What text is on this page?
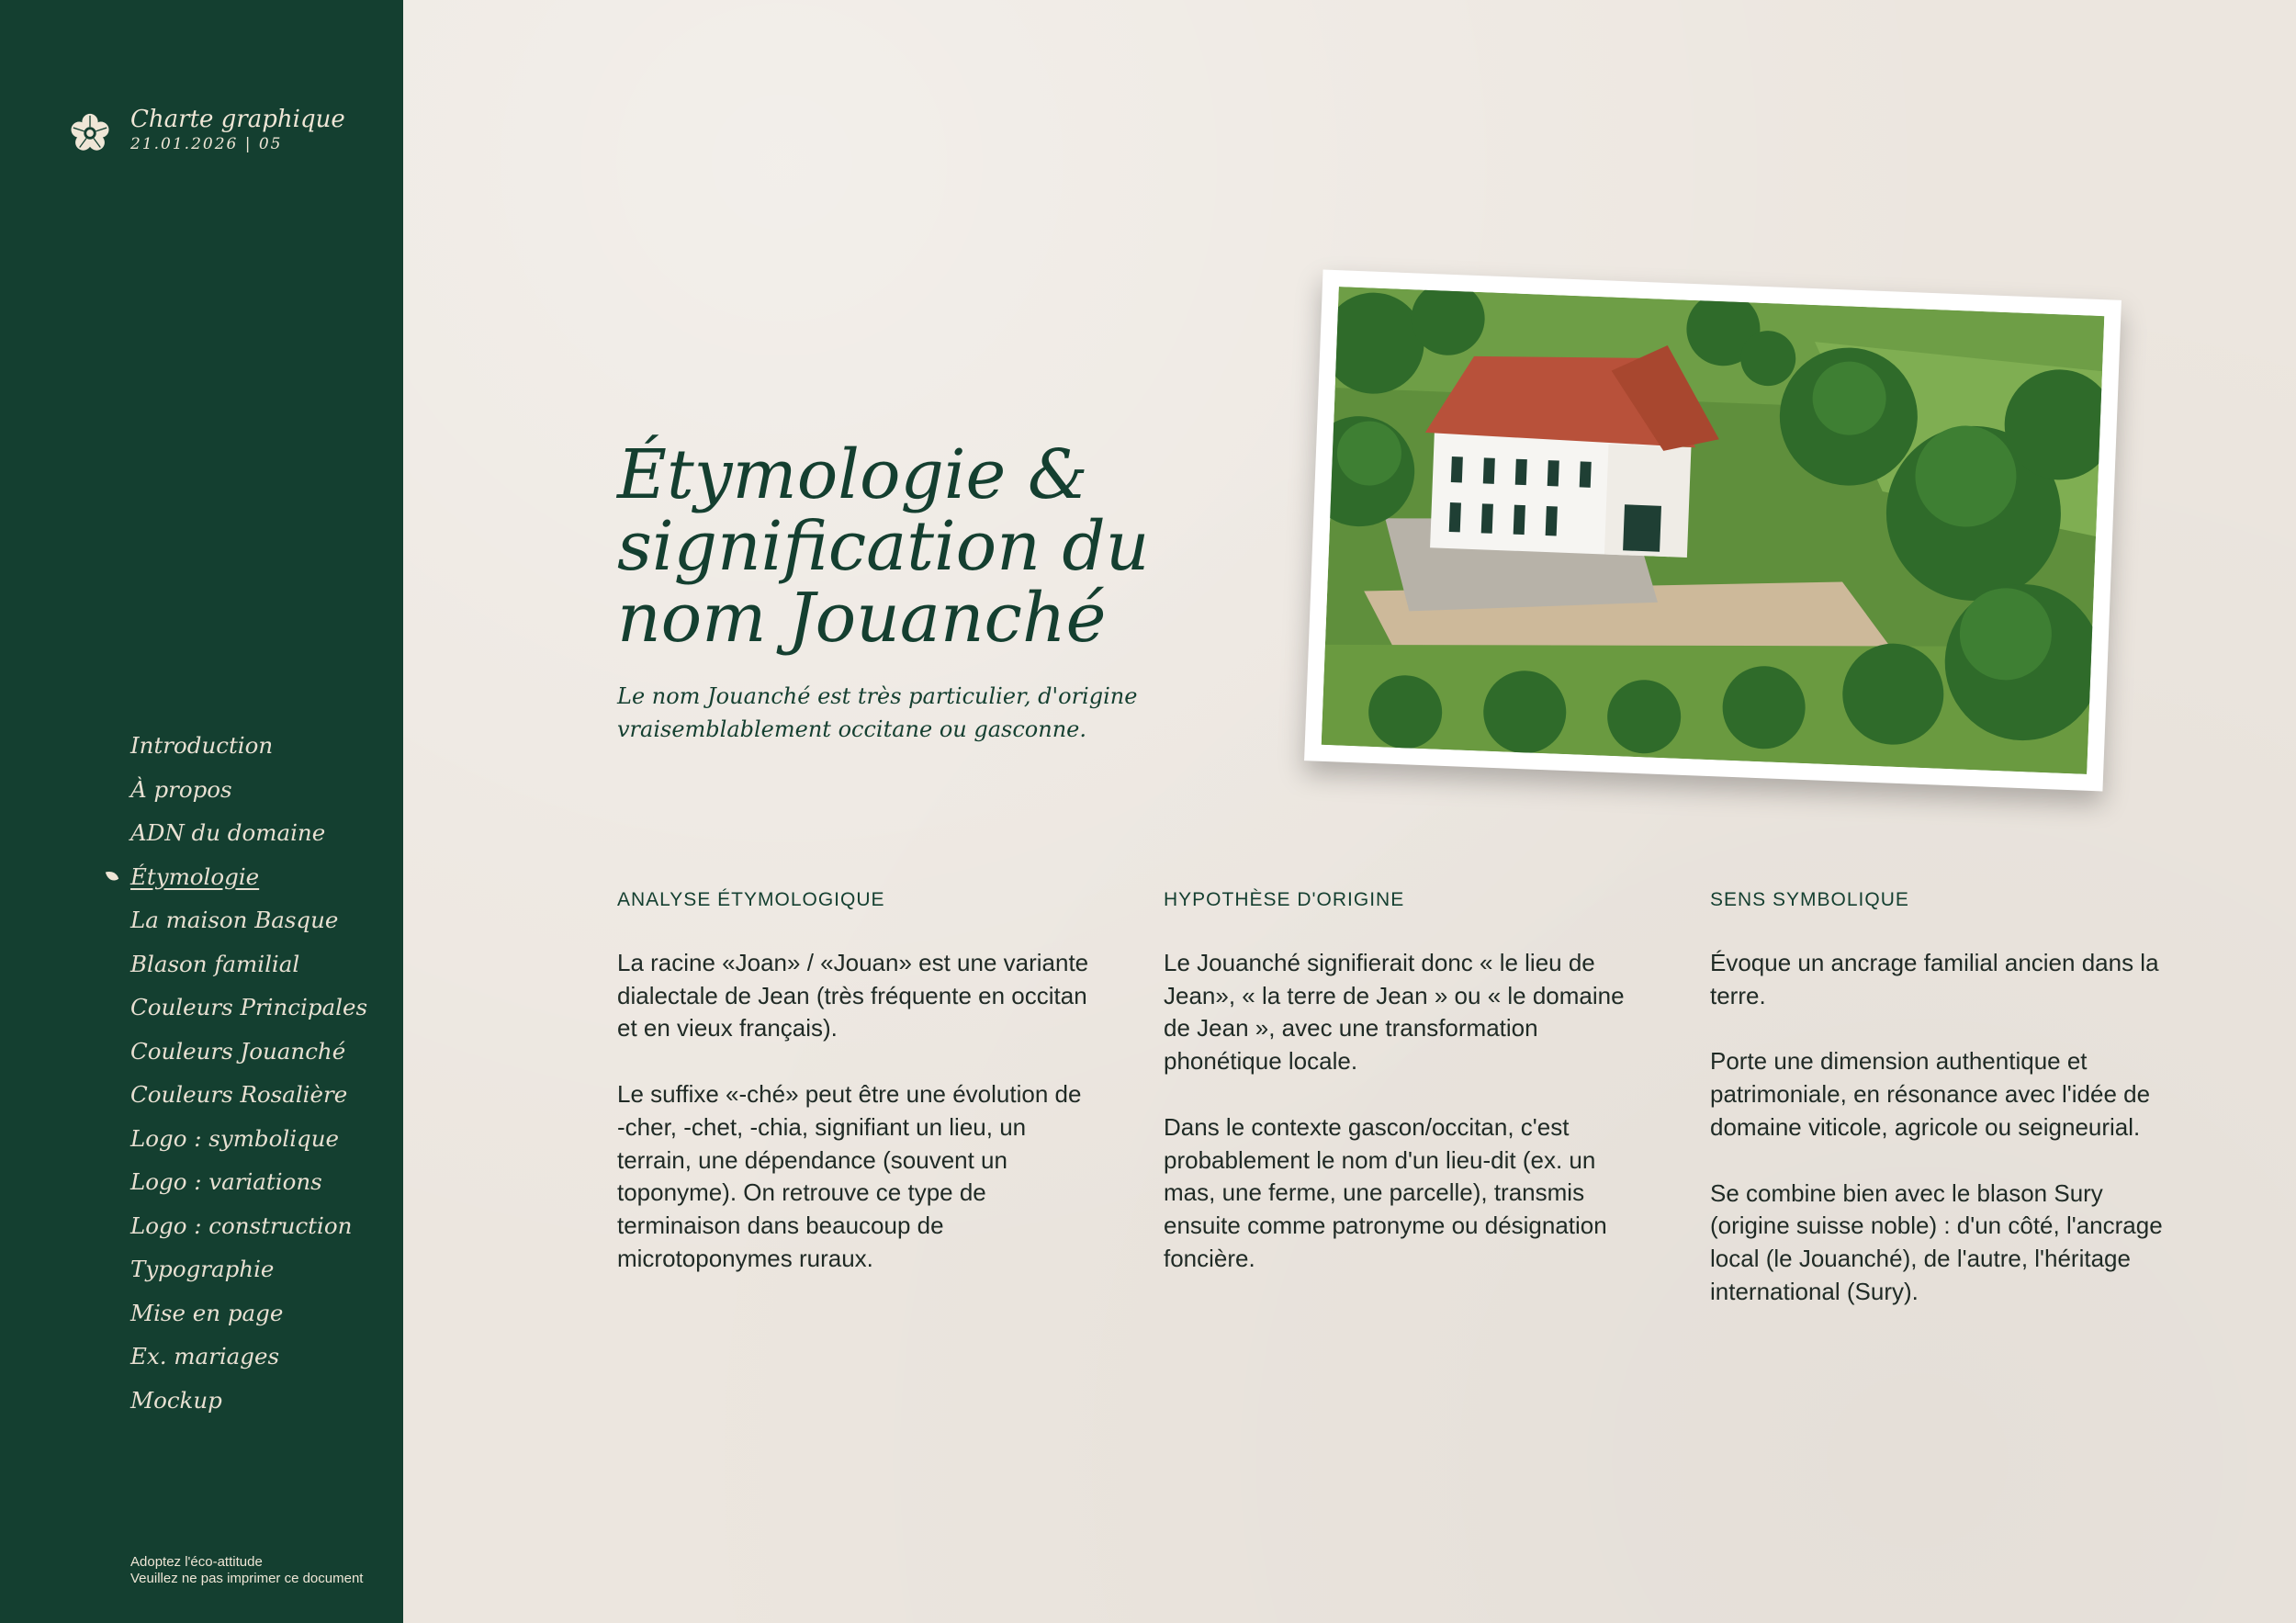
Charte graphique
21.01.2026 | 05
Introduction
À propos
ADN du domaine
Étymologie
La maison Basque
Blason familial
Couleurs Principales
Couleurs Jouanché
Couleurs Rosalière
Logo : symbolique
Logo : variations
Logo : construction
Typographie
Mise en page
Ex. mariages
Mockup
Adoptez l'éco-attitude
Veuillez ne pas imprimer ce document
Étymologie & signification du nom Jouanché

Le nom Jouanché est très particulier, d'origine vraisemblablement occitane ou gasconne.

ANALYSE ÉTYMOLOGIQUE

La racine «Joan» / «Jouan» est une variante dialectale de Jean (très fréquente en occitan et en vieux français).

Le suffixe «-ché» peut être une évolution de -cher, -chet, -chia, signifiant un lieu, un terrain, une dépendance (souvent un toponyme). On retrouve ce type de terminaison dans beaucoup de microtoponymes ruraux.

HYPOTHÈSE D'ORIGINE

Le Jouanché signifierait donc « le lieu de Jean», « la terre de Jean » ou « le domaine de Jean », avec une transformation phonétique locale.

Dans le contexte gascon/occitan, c'est probablement le nom d'un lieu-dit (ex. un mas, une ferme, une parcelle), transmis ensuite comme patronyme ou désignation foncière.

SENS SYMBOLIQUE

Évoque un ancrage familial ancien dans la terre.

Porte une dimension authentique et patrimoniale, en résonance avec l'idée de domaine viticole, agricole ou seigneurial.

Se combine bien avec le blason Sury (origine suisse noble) : d'un côté, l'ancrage local (le Jouanché), de l'autre, l'héritage international (Sury).
